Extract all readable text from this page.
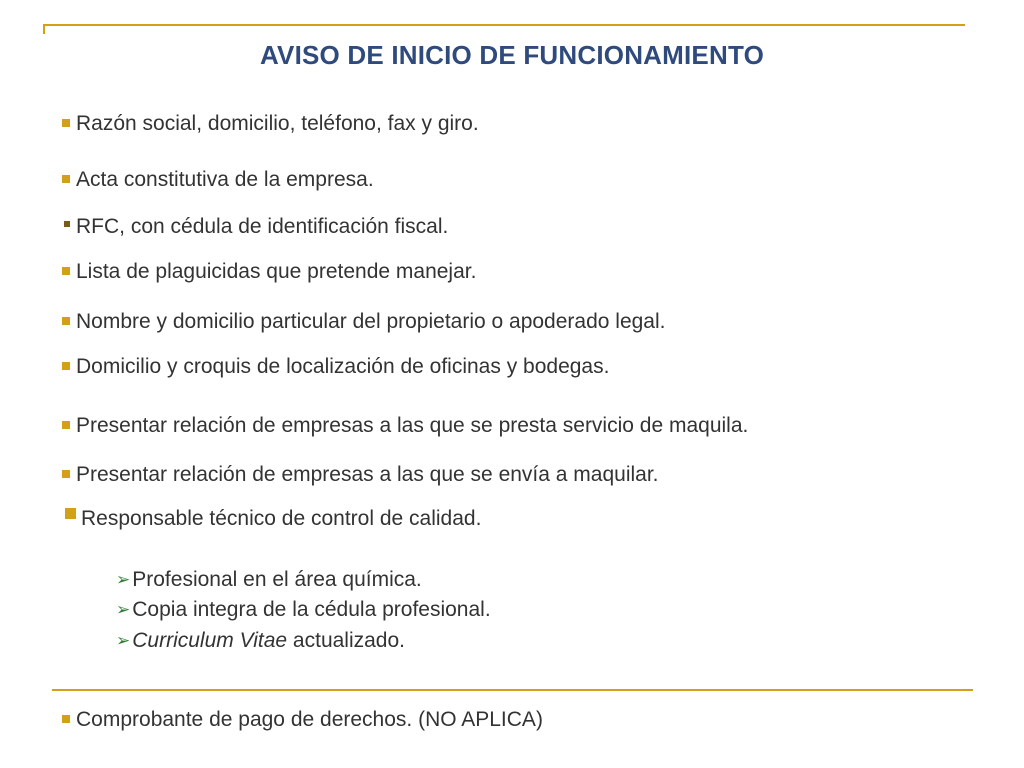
AVISO DE INICIO DE FUNCIONAMIENTO
Razón social, domicilio, teléfono, fax y giro.
Acta constitutiva de la empresa.
RFC, con cédula de identificación fiscal.
Lista de plaguicidas que pretende manejar.
Nombre y domicilio particular del propietario o apoderado legal.
Domicilio y croquis de localización de oficinas y bodegas.
Presentar relación de empresas a las que se presta servicio de maquila.
Presentar relación de empresas a las que se envía a maquilar.
Responsable técnico de control de calidad.
➢Profesional en el área química.
➢Copia integra de la cédula profesional.
➢Curriculum Vitae actualizado.
Comprobante de pago de derechos. (NO APLICA)
